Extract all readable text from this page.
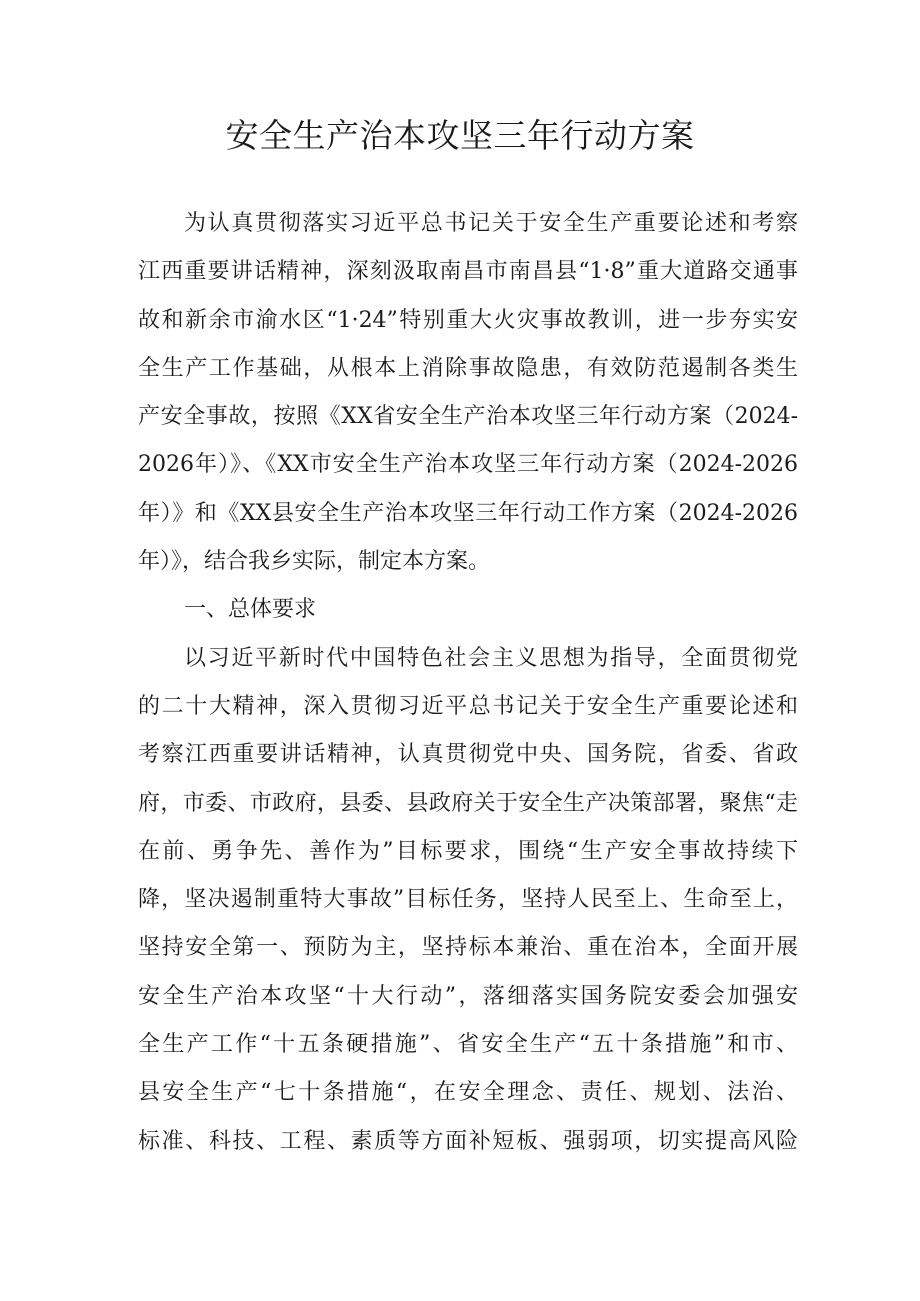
安全生产治本攻坚三年行动方案
为认真贯彻落实习近平总书记关于安全生产重要论述和考察
江西重要讲话精神，深刻汲取南昌市南昌县“1·8”重大道路交通事
故和新余市渝水区“1·24”特别重大火灾事故教训，进一步夯实安
全生产工作基础，从根本上消除事故隐患，有效防范遏制各类生
产安全事故，按照《XX省安全生产治本攻坚三年行动方案（2024-
2026年）》、《XX市安全生产治本攻坚三年行动方案（2024-2026
年）》和《XX县安全生产治本攻坚三年行动工作方案（2024-2026
年）》，结合我乡实际，制定本方案。
一、总体要求
以习近平新时代中国特色社会主义思想为指导，全面贯彻党
的二十大精神，深入贯彻习近平总书记关于安全生产重要论述和
考察江西重要讲话精神，认真贯彻党中央、国务院，省委、省政
府，市委、市政府，县委、县政府关于安全生产决策部署，聚焦“走
在前、勇争先、善作为”目标要求，围绕“生产安全事故持续下
降，坚决遏制重特大事故”目标任务，坚持人民至上、生命至上，
坚持安全第一、预防为主，坚持标本兼治、重在治本，全面开展
安全生产治本攻坚“十大行动”，落细落实国务院安委会加强安
全生产工作“十五条硬措施”、省安全生产“五十条措施”和市、
县安全生产“七十条措施“，在安全理念、责任、规划、法治、
标准、科技、工程、素质等方面补短板、强弱项，切实提高风险
